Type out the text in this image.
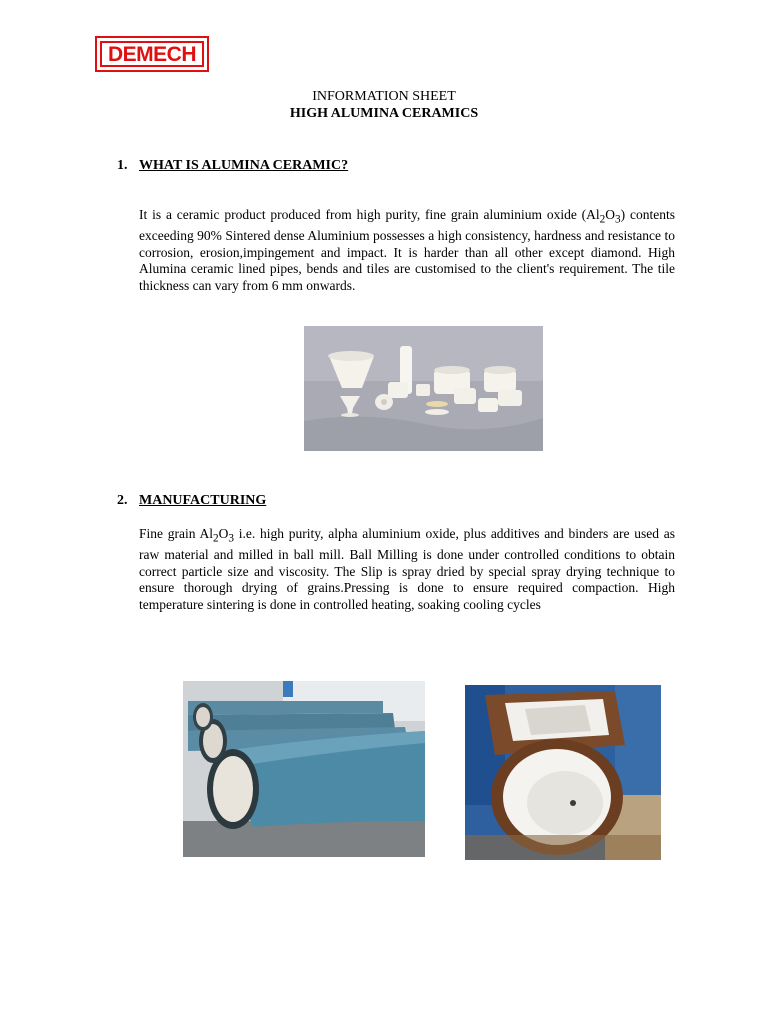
DEMECH
INFORMATION SHEET
HIGH ALUMINA CERAMICS
1. WHAT IS ALUMINA CERAMIC?
It is a ceramic product produced from high purity, fine grain aluminium oxide $(Al_2O_3)$ contents exceeding 90% Sintered dense Aluminium possesses a high consistency, hardness and resistance to corrosion, erosion,impingement and impact. It is harder than all other except diamond. High Alumina ceramic lined pipes, bends and tiles are customised to the client's requirement. The tile thickness can vary from 6 mm onwards.
2. MANUFACTURING
Fine grain $Al_2O_3$ i.e. high purity, alpha aluminium oxide, plus additives and binders are used as raw material and milled in ball mill. Ball Milling is done under controlled conditions to obtain correct particle size and viscosity. The Slip is spray dried by special spray drying technique to ensure thorough drying of grains.Pressing is done to ensure required compaction. High temperature sintering is done in controlled heating, soaking cooling cycles
